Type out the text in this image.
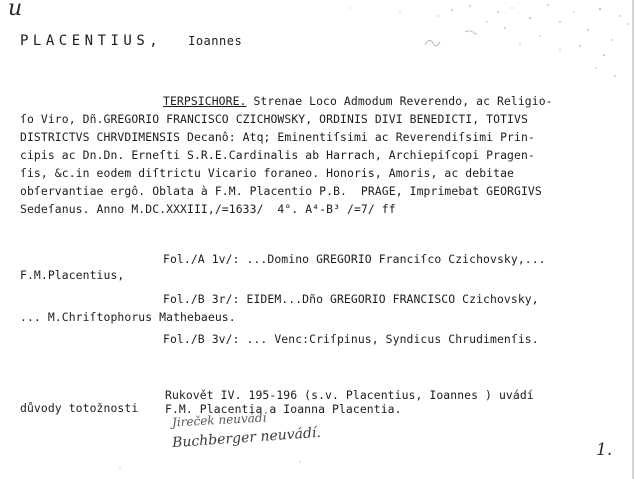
u
PLACENTIUS, Ioannes
TERPSICHORE. Strenae Loco Admodum Reverendo, ac Religio-
ſo Viro, Dñ.GREGORIO FRANCISCO CZICHOWSKY, ORDINIS DIVI BENEDICTI, TOTIVS
DISTRICTVS CHRVDIMENSIS Decanô: Atq; Eminentiſsimi ac Reverendiſsimi Prin-
cipis ac Dn.Dn. Erneſti S.R.E.Cardinalis ab Harrach, Archiepiſcopi Pragen-
ſis, &c.in eodem diſtrictu Vicario foraneo. Honoris, Amoris, ac debitae
obſervantiae ergô. Oblata à F.M. Placentio P.B.  PRAGE, Imprimebat GEORGIVS
Sedeſanus. Anno M.DC.XXXIII,/=1633/  4°. A⁴-B³ /=7/ ff
Fol./A 1v/: ...Domino GREGORIO Franciſco Czichovsky,...
F.M.Placentius,
Fol./B 3r/: EIDEM...Dño GREGORIO FRANCISCO Czichovsky,
... M.Chriſtophorus Mathebaeus.
Fol./B 3v/: ... Venc:Criſpinus, Syndicus Chrudimenſis.
Rukovět IV. 195-196 (s.v. Placentius, Ioannes ) uvádí
důvody totožnosti F.M. Placentia a Ioanna Placentia.
Jireček neuvádí
Buchberger neuvádí.	1.
